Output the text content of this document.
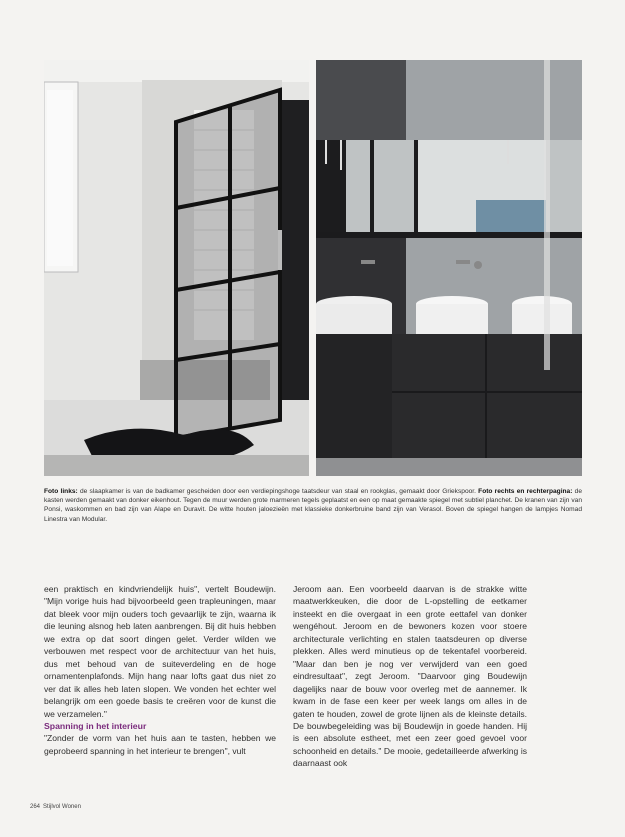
Foto links: de slaapkamer is van de badkamer gescheiden door een verdiepingshoge taatsdeur van staal en rookglas, gemaakt door Griekspoor. Foto rechts en rechterpagina: de kasten werden gemaakt van donker eikenhout. Tegen de muur werden grote marmeren tegels geplaatst en een op maat gemaakte spiegel met subtiel planchet. De kranen van zijn van Ponsi, waskommen en bad zijn van Alape en Duravit. De witte houten jaloezieën met klassieke donkerbruine band zijn van Verasol. Boven de spiegel hangen de lampjes Nomad Linestra van Modular.

een praktisch en kindvriendelijk huis", vertelt Boudewijn. "Mijn vorige huis had bijvoorbeeld geen trapleuningen, maar dat bleek voor mijn ouders toch gevaarlijk te zijn, waarna ik die leuning alsnog heb laten aanbrengen. Bij dit huis hebben we extra op dat soort dingen gelet. Verder wilden we verbouwen met respect voor de architectuur van het huis, dus met behoud van de suiteverdeling en de hoge ornamentenplafonds. Mijn hang naar lofts gaat dus niet zo ver dat ik alles heb laten slopen. We vonden het echter wel belangrijk om een goede basis te creëren voor de kunst die we verzamelen."

Spanning in het interieur

"Zonder de vorm van het huis aan te tasten, hebben we geprobeerd spanning in het interieur te brengen", vult

Jeroom aan. Een voorbeeld daarvan is de strakke witte maatwerkkeuken, die door de L-opstelling de eetkamer insteekt en die overgaat in een grote eettafel van donker wengéhout. Jeroom en de bewoners kozen voor stoere architecturale verlichting en stalen taatsdeuren op diverse plekken. Alles werd minutieus op de tekentafel voorbereid. "Maar dan ben je nog ver verwijderd van een goed eindresultaat", zegt Jeroom. "Daarvoor ging Boudewijn dagelijks naar de bouw voor overleg met de aannemer. Ik kwam in de fase een keer per week langs om alles in de gaten te houden, zowel de grote lijnen als de kleinste details. De bouwbegeleiding was bij Boudewijn in goede handen. Hij is een absolute esthеet, met een zeer goed gevoel voor schoonheid en details." De mooie, gedetailleerde afwerking is daarnaast ook

264 Stijlvol Wonen
